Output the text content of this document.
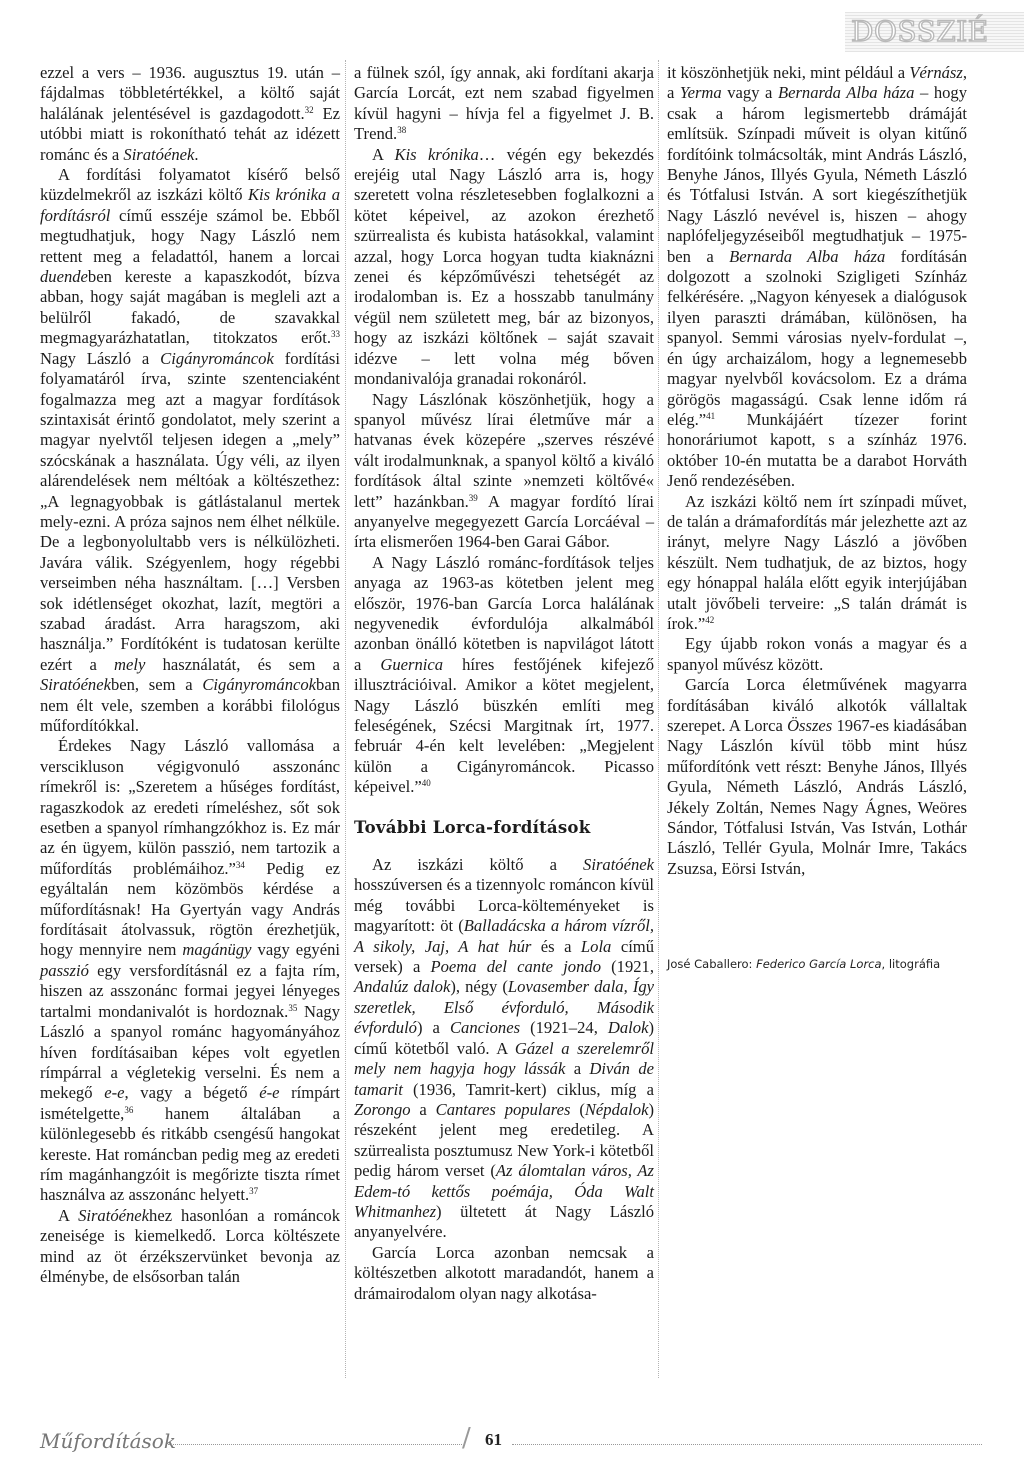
DOSSZIÉ

ezzel a vers – 1936. augusztus 19. után – fájdalmas többletértékkel, a költő saját halálának jelentésével is gazdagodott.$^{32}$ Ez utóbbi miatt is rokonítható tehát az idézett románc és a Siratóének.

A fordítási folyamatot kísérő belső küzdelmekről az iszkázi költő Kis krónika a fordításról című esszéje számol be. Ebből megtudhatjuk, hogy Nagy László nem rettent meg a feladattól, hanem a lorcai duendeben kereste a kapaszkodót, bízva abban, hogy saját magában is megleli azt a belülről fakadó, de szavakkal megmagyarázhatatlan, titokzatos erőt.$^{33}$ Nagy László a Cigányrománcok fordítási folyamatáról írva, szinte szentenciaként fogalmazza meg azt a magyar fordítások szintaxisát érintő gondolatot, mely szerint a magyar nyelvtől teljesen idegen a „mely” szócskának a használata. Úgy véli, az ilyen alárendelések nem méltóak a költészethez: „A legnagyobbak is gátlástalanul mertek mely-ezni. A próza sajnos nem élhet nélküle. De a legbonyolultabb vers is nélkülözheti. Javára válik. Szégyenlem, hogy régebbi verseimben néha használtam. […] Versben sok idétlenséget okozhat, lazít, megtöri a szabad áradást. Arra haragszom, aki használja.” Fordítóként is tudatosan kerülte ezért a mely használatát, és sem a Siratóénekben, sem a Cigányrománcokban nem élt vele, szemben a korábbi filológus műfordítókkal.

Érdekes Nagy László vallomása a verscikluson végigvonuló asszonánc rímekről is: „Szeretem a hűséges fordítást, ragaszkodok az eredeti rímeléshez, sőt sok esetben a spanyol rímhangzókhoz is. Ez már az én ügyem, külön passzió, nem tartozik a műfordítás problémáihoz.”$^{34}$ Pedig ez egyáltalán nem közömbös kérdése a műfordításnak! Ha Gyertyán vagy András fordításait átolvassuk, rögtön érezhetjük, hogy mennyire nem magánügy vagy egyéni passzió egy versfordításnál ez a fajta rím, hiszen az asszonánc formai jegyei lényeges tartalmi mondanivalót is hordoznak.$^{35}$ Nagy László a spanyol románc hagyományához híven fordításaiban képes volt egyetlen rímpárral a végletekig verselni. És nem a mekegő e-e, vagy a bégető é-e rímpárt ismételgette,$^{36}$ hanem általában a különlegesebb és ritkább csengésű hangokat kereste. Hat románcban pedig meg az eredeti rím magánhangzóit is megőrizte tiszta rímet használva az asszonánc helyett.$^{37}$

A Siratóénekhez hasonlóan a románcok zeneisége is kiemelkedő. Lorca költészete mind az öt érzékszervünket bevonja az élménybe, de elsősorban talán

a fülnek szól, így annak, aki fordítani akarja García Lorcát, ezt nem szabad figyelmen kívül hagyni – hívja fel a figyelmet J. B. Trend.$^{38}$

A Kis krónika… végén egy bekezdés erejéig utal Nagy László arra is, hogy szeretett volna részletesebben foglalkozni a kötet képeivel, az azokon érezhető szürrealista és kubista hatásokkal, valamint azzal, hogy Lorca hogyan tudta kiaknázni zenei és képzőművészi tehetségét az irodalomban is. Ez a hosszabb tanulmány végül nem született meg, bár az bizonyos, hogy az iszkázi költőnek – saját szavait idézve – lett volna még bőven mondanivalója granadai rokonáról.

Nagy Lászlónak köszönhetjük, hogy a spanyol művész lírai életműve már a hatvanas évek közepére „szerves részévé vált irodalmunknak, a spanyol költő a kiváló fordítások által szinte »nemzeti költővé« lett” hazánkban.$^{39}$ A magyar fordító lírai anyanyelve megegyezett García Lorcáéval – írta elismerően 1964-ben Garai Gábor.

A Nagy László románc-fordítások teljes anyaga az 1963-as kötetben jelent meg először, 1976-ban García Lorca halálának negyvenedik évfordulója alkalmából azonban önálló kötetben is napvilágot látott a Guernica híres festőjének kifejező illusztrációival. Amikor a kötet megjelent, Nagy László büszkén említi meg feleségének, Szécsi Margitnak írt, 1977. február 4-én kelt levelében: „Megjelent külön a Cigányrománcok. Picasso képeivel.”$^{40}$

További Lorca-fordítások

Az iszkázi költő a Siratóének hosszúversen és a tizennyolc románcon kívül még további Lorca-költeményeket is magyarított: öt (Balladácska a három vízről, A sikoly, Jaj, A hat húr és a Lola című versek) a Poema del cante jondo (1921, Andalúz dalok), négy (Lovasember dala, Így szeretlek, Első évforduló, Második évforduló) a Canciones (1921–24, Dalok) című kötetből való. A Gázel a szerelemről mely nem hagyja hogy lássák a Diván de tamarit (1936, Tamrit-kert) ciklus, míg a Zorongo a Cantares populares (Népdalok) részeként jelent meg eredetileg. A szürrealista posztumusz New York-i kötetből pedig három verset (Az álomtalan város, Az Edem-tó kettős poémája, Óda Walt Whitmanhez) ültetett át Nagy László anyanyelvére.

García Lorca azonban nemcsak a költészetben alkotott maradandót, hanem a drámairodalom olyan nagy alkotása-

it köszönhetjük neki, mint például a Vérnász, a Yerma vagy a Bernarda Alba háza – hogy csak a három legismertebb drámáját említsük. Színpadi műveit is olyan kitűnő fordítóink tolmácsolták, mint András László, Benyhe János, Illyés Gyula, Németh László és Tótfalusi István. A sort kiegészíthetjük Nagy László nevével is, hiszen – ahogy naplófeljegyzéseiből megtudhatjuk – 1975-ben a Bernarda Alba háza fordításán dolgozott a szolnoki Szigligeti Színház felkérésére. „Nagyon kényesek a dialógusok ilyen paraszti drámában, különösen, ha spanyol. Semmi városias nyelv-fordulat –, én úgy archaizálom, hogy a legnemesebb magyar nyelvből kovácsolom. Ez a dráma görögös magasságú. Csak lenne időm rá elég.”$^{41}$ Munkájáért tízezer forint honoráriumot kapott, s a színház 1976. október 10-én mutatta be a darabot Horváth Jenő rendezésében.

Az iszkázi költő nem írt színpadi művet, de talán a drámafordítás már jelezhette azt az irányt, melyre Nagy László a jövőben készült. Nem tudhatjuk, de az biztos, hogy egy hónappal halála előtt egyik interjújában utalt jövőbeli terveire: „S talán drámát is írok.”$^{42}$

Egy újabb rokon vonás a magyar és a spanyol művész között.

García Lorca életművének magyarra fordításában kiváló alkotók vállaltak szerepet. A Lorca Összes 1967-es kiadásában Nagy Lászlón kívül több mint húsz műfordítónk vett részt: Benyhe János, Illyés Gyula, Németh László, András László, Jékely Zoltán, Nemes Nagy Ágnes, Weöres Sándor, Tótfalusi István, Vas István, Lothár László, Tellér Gyula, Molnár Imre, Takács Zsuzsa, Eörsi István,

José Caballero: Federico García Lorca, litográfia
Műfordítások	/ 61
